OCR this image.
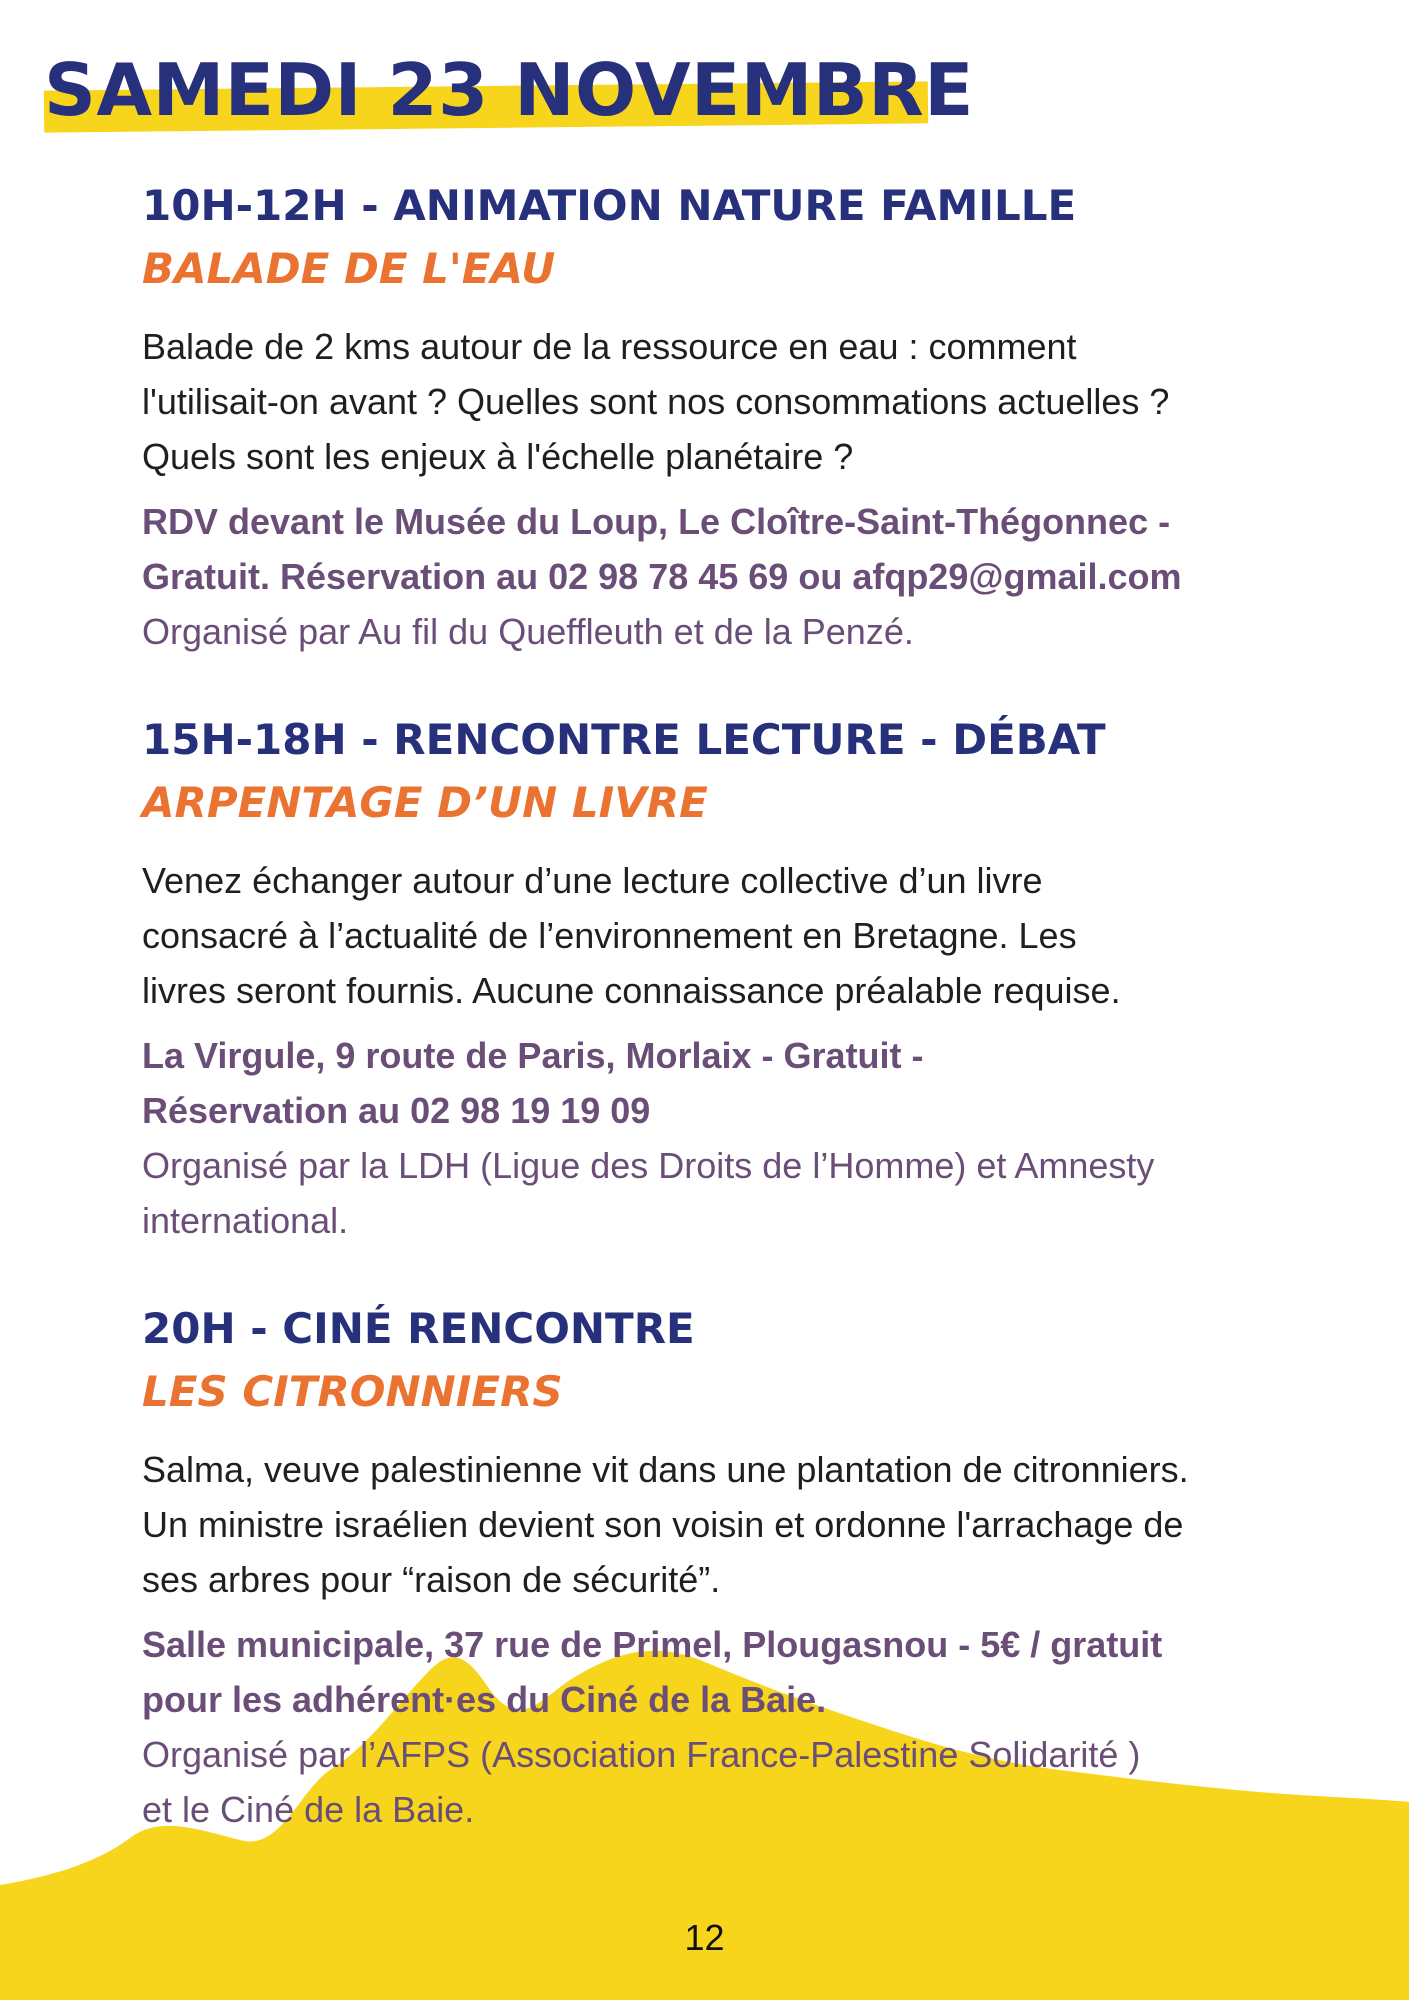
SAMEDI 23 NOVEMBRE
10H-12H - ANIMATION NATURE FAMILLE
BALADE DE L'EAU

Balade de 2 kms autour de la ressource en eau : comment
l'utilisait-on avant ? Quelles sont nos consommations actuelles ?
Quels sont les enjeux à l'échelle planétaire ?

RDV devant le Musée du Loup, Le Cloître-Saint-Thégonnec -
Gratuit. Réservation au 02 98 78 45 69 ou afqp29@gmail.com

Organisé par Au fil du Queffleuth et de la Penzé.

15H-18H - RENCONTRE LECTURE - DÉBAT
ARPENTAGE D’UN LIVRE

Venez échanger autour d’une lecture collective d’un livre
consacré à l’actualité de l’environnement en Bretagne. Les
livres seront fournis. Aucune connaissance préalable requise.

La Virgule, 9 route de Paris, Morlaix - Gratuit -
Réservation au 02 98 19 19 09

Organisé par la LDH (Ligue des Droits de l’Homme) et Amnesty
international.

20H - CINÉ RENCONTRE
LES CITRONNIERS

Salma, veuve palestinienne vit dans une plantation de citronniers.
Un ministre israélien devient son voisin et ordonne l'arrachage de
ses arbres pour “raison de sécurité”.

Salle municipale, 37 rue de Primel, Plougasnou - 5€ / gratuit
pour les adhérent·es du Ciné de la Baie.

Organisé par l’AFPS (Association France-Palestine Solidarité )
et le Ciné de la Baie.

12
